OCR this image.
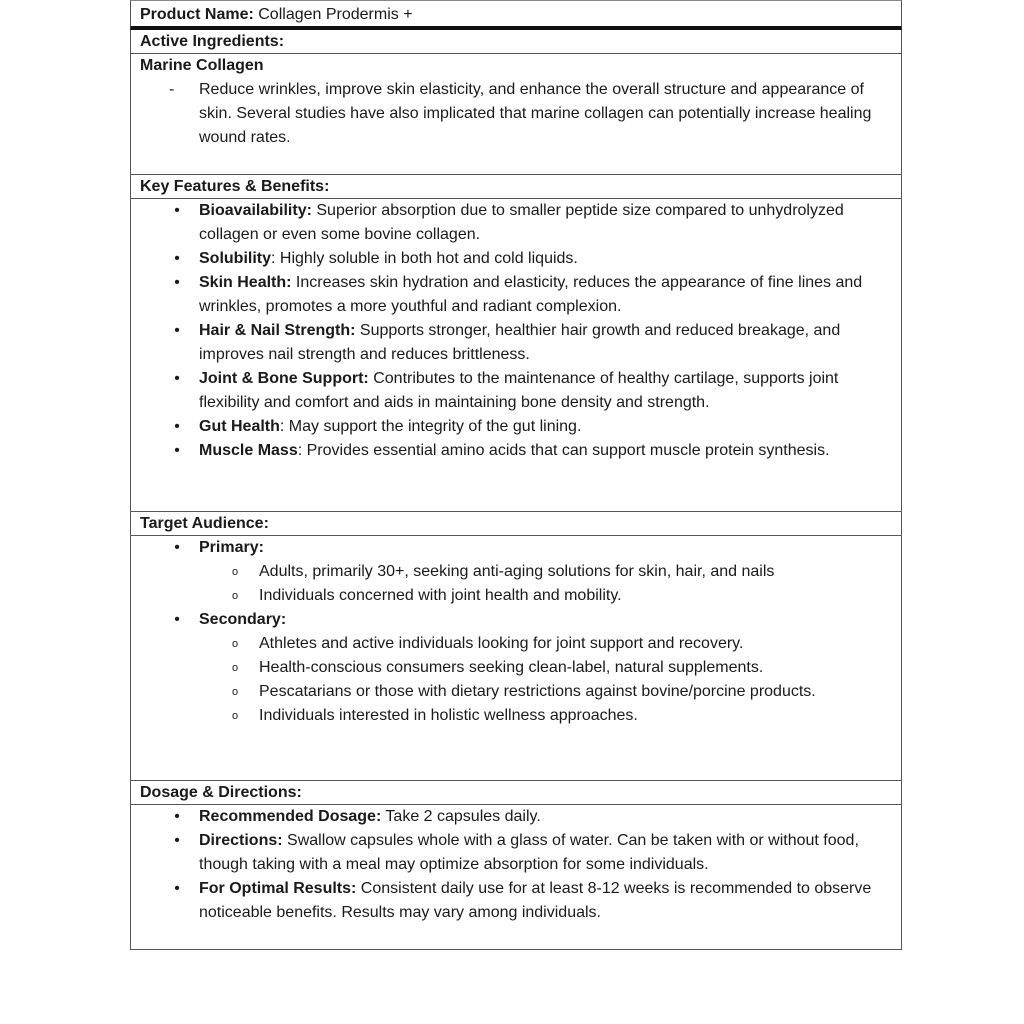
Product Name: Collagen Prodermis +
Active Ingredients:
Marine Collagen
- Reduce wrinkles, improve skin elasticity, and enhance the overall structure and appearance of skin. Several studies have also implicated that marine collagen can potentially increase healing wound rates.
Key Features & Benefits:
• Bioavailability: Superior absorption due to smaller peptide size compared to unhydrolyzed collagen or even some bovine collagen.
• Solubility: Highly soluble in both hot and cold liquids.
• Skin Health: Increases skin hydration and elasticity, reduces the appearance of fine lines and wrinkles, promotes a more youthful and radiant complexion.
• Hair & Nail Strength: Supports stronger, healthier hair growth and reduced breakage, and improves nail strength and reduces brittleness.
• Joint & Bone Support: Contributes to the maintenance of healthy cartilage, supports joint flexibility and comfort and aids in maintaining bone density and strength.
• Gut Health: May support the integrity of the gut lining.
• Muscle Mass: Provides essential amino acids that can support muscle protein synthesis.
Target Audience:
• Primary:
o Adults, primarily 30+, seeking anti-aging solutions for skin, hair, and nails
o Individuals concerned with joint health and mobility.
• Secondary:
o Athletes and active individuals looking for joint support and recovery.
o Health-conscious consumers seeking clean-label, natural supplements.
o Pescatarians or those with dietary restrictions against bovine/porcine products.
o Individuals interested in holistic wellness approaches.
Dosage & Directions:
• Recommended Dosage: Take 2 capsules daily.
• Directions: Swallow capsules whole with a glass of water. Can be taken with or without food, though taking with a meal may optimize absorption for some individuals.
• For Optimal Results: Consistent daily use for at least 8-12 weeks is recommended to observe noticeable benefits. Results may vary among individuals.
